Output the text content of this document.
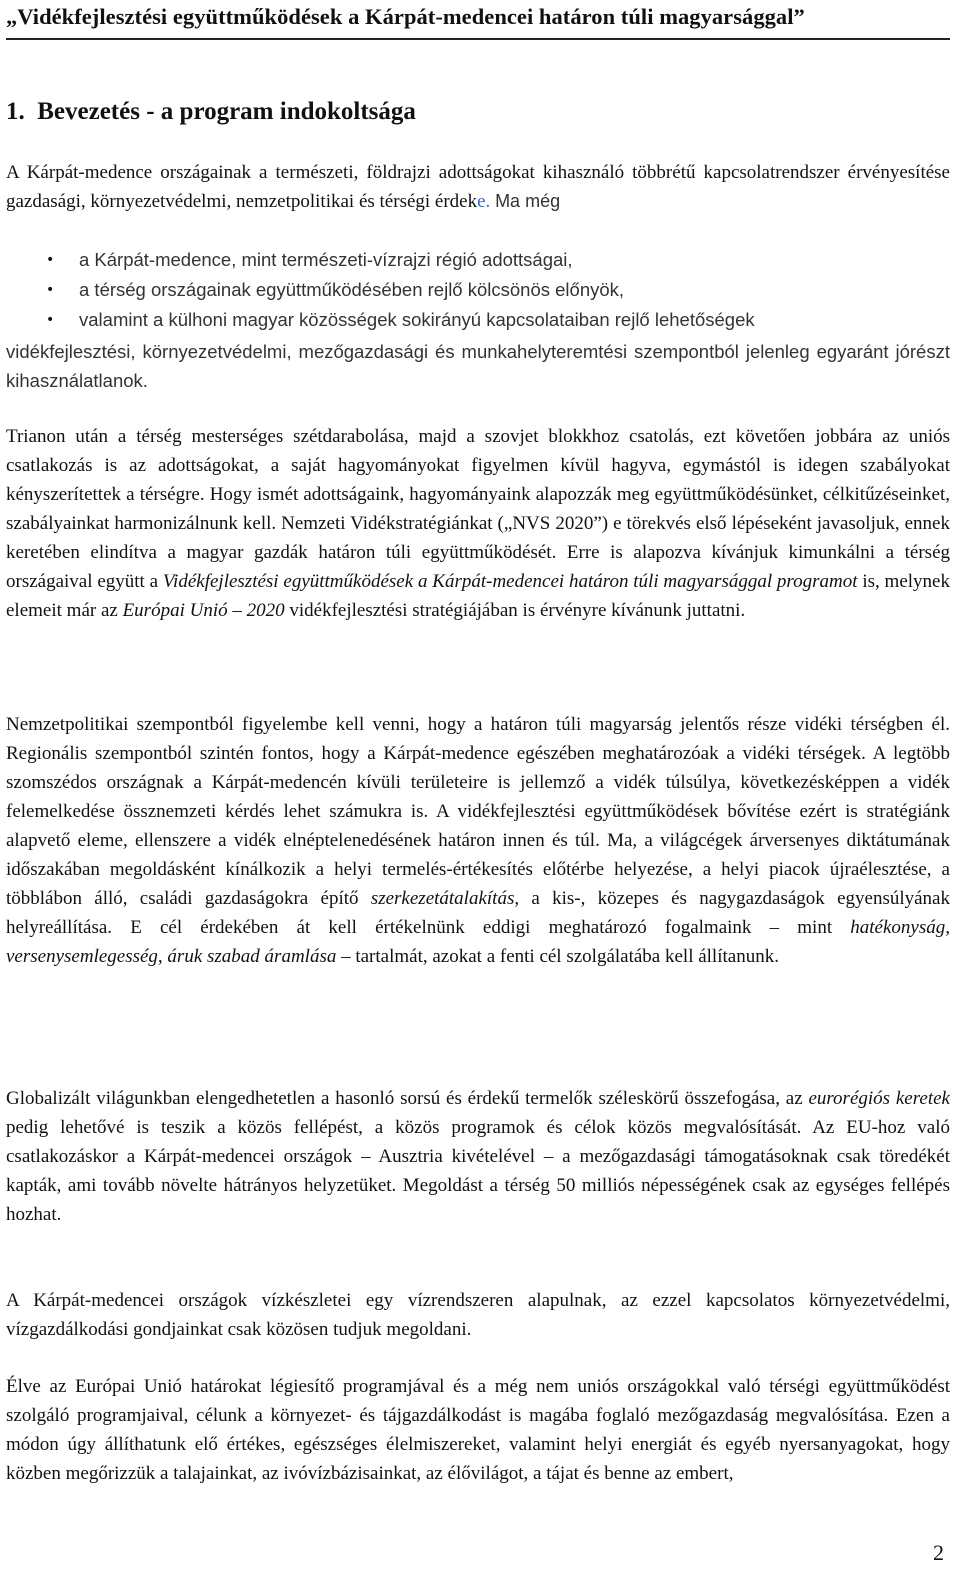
„Vidékfejlesztési együttműködések a Kárpát-medencei határon túli magyarsággal”
1. Bevezetés - a program indokoltsága

A Kárpát-medence országainak a természeti, földrajzi adottságokat kihasználó többrétű kapcsolatrendszer érvényesítése gazdasági, környezetvédelmi, nemzetpolitikai és térségi érdeke. Ma még

• a Kárpát-medence, mint természeti-vízrajzi régió adottságai,
• a térség országainak együttműködésében rejlő kölcsönös előnyök,
• valamint a külhoni magyar közösségek sokirányú kapcsolataiban rejlő lehetőségek

vidékfejlesztési, környezetvédelmi, mezőgazdasági és munkahelyteremtési szempontból jelenleg egyaránt jórészt kihasználatlanok.

Trianon után a térség mesterséges szétdarabolása, majd a szovjet blokkhoz csatolás, ezt követően jobbára az uniós csatlakozás is az adottságokat, a saját hagyományokat figyelmen kívül hagyva, egymástól is idegen szabályokat kényszerítettek a térségre. Hogy ismét adottságaink, hagyományaink alapozzák meg együttműködésünket, célkitűzéseinket, szabályainkat harmonizálnunk kell. Nemzeti Vidékstratégiánkat („NVS 2020”) e törekvés első lépéseként javasoljuk, ennek keretében elindítva a magyar gazdák határon túli együttműködését. Erre is alapozva kívánjuk kimunkálni a térség országaival együtt a Vidékfejlesztési együttműködések a Kárpát-medencei határon túli magyarsággal programot is, melynek elemeit már az Európai Unió – 2020 vidékfejlesztési stratégiájában is érvényre kívánunk juttatni.

Nemzetpolitikai szempontból figyelembe kell venni, hogy a határon túli magyarság jelentős része vidéki térségben él. Regionális szempontból szintén fontos, hogy a Kárpát-medence egészében meghatározóak a vidéki térségek. A legtöbb szomszédos országnak a Kárpát-medencén kívüli területeire is jellemző a vidék túlsúlya, következésképpen a vidék felemelkedése össznemzeti kérdés lehet számukra is. A vidékfejlesztési együttműködések bővítése ezért is stratégiánk alapvető eleme, ellenszere a vidék elnéptelenedésének határon innen és túl. Ma, a világcégek árversenyes diktátumának időszakában megoldásként kínálkozik a helyi termelés-értékesítés előtérbe helyezése, a helyi piacok újraélesztése, a többlábon álló, családi gazdaságokra építő szerkezetátalakítás, a kis-, közepes és nagygazdaságok egyensúlyának helyreállítása. E cél érdekében át kell értékelnünk eddigi meghatározó fogalmaink – mint hatékonyság, versenysemlegesség, áruk szabad áramlása – tartalmát, azokat a fenti cél szolgálatába kell állítanunk.

Globalizált világunkban elengedhetetlen a hasonló sorsú és érdekű termelők széleskörű összefogása, az eurorégiós keretek pedig lehetővé is teszik a közös fellépést, a közös programok és célok közös megvalósítását. Az EU-hoz való csatlakozáskor a Kárpát-medencei országok – Ausztria kivételével – a mezőgazdasági támogatásoknak csak töredékét kapták, ami tovább növelte hátrányos helyzetüket. Megoldást a térség 50 milliós népességének csak az egységes fellépés hozhat.

A Kárpát-medencei országok vízkészletei egy vízrendszeren alapulnak, az ezzel kapcsolatos környezetvédelmi, vízgazdálkodási gondjainkat csak közösen tudjuk megoldani.

Élve az Európai Unió határokat légiesítő programjával és a még nem uniós országokkal való térségi együttműködést szolgáló programjaival, célunk a környezet- és tájgazdálkodást is magába foglaló mezőgazdaság megvalósítása. Ezen a módon úgy állíthatunk elő értékes, egészséges élelmiszereket, valamint helyi energiát és egyéb nyersanyagokat, hogy közben megőrizzük a talajainkat, az ivóvízbázisainkat, az élővilágot, a tájat és benne az embert,

2
